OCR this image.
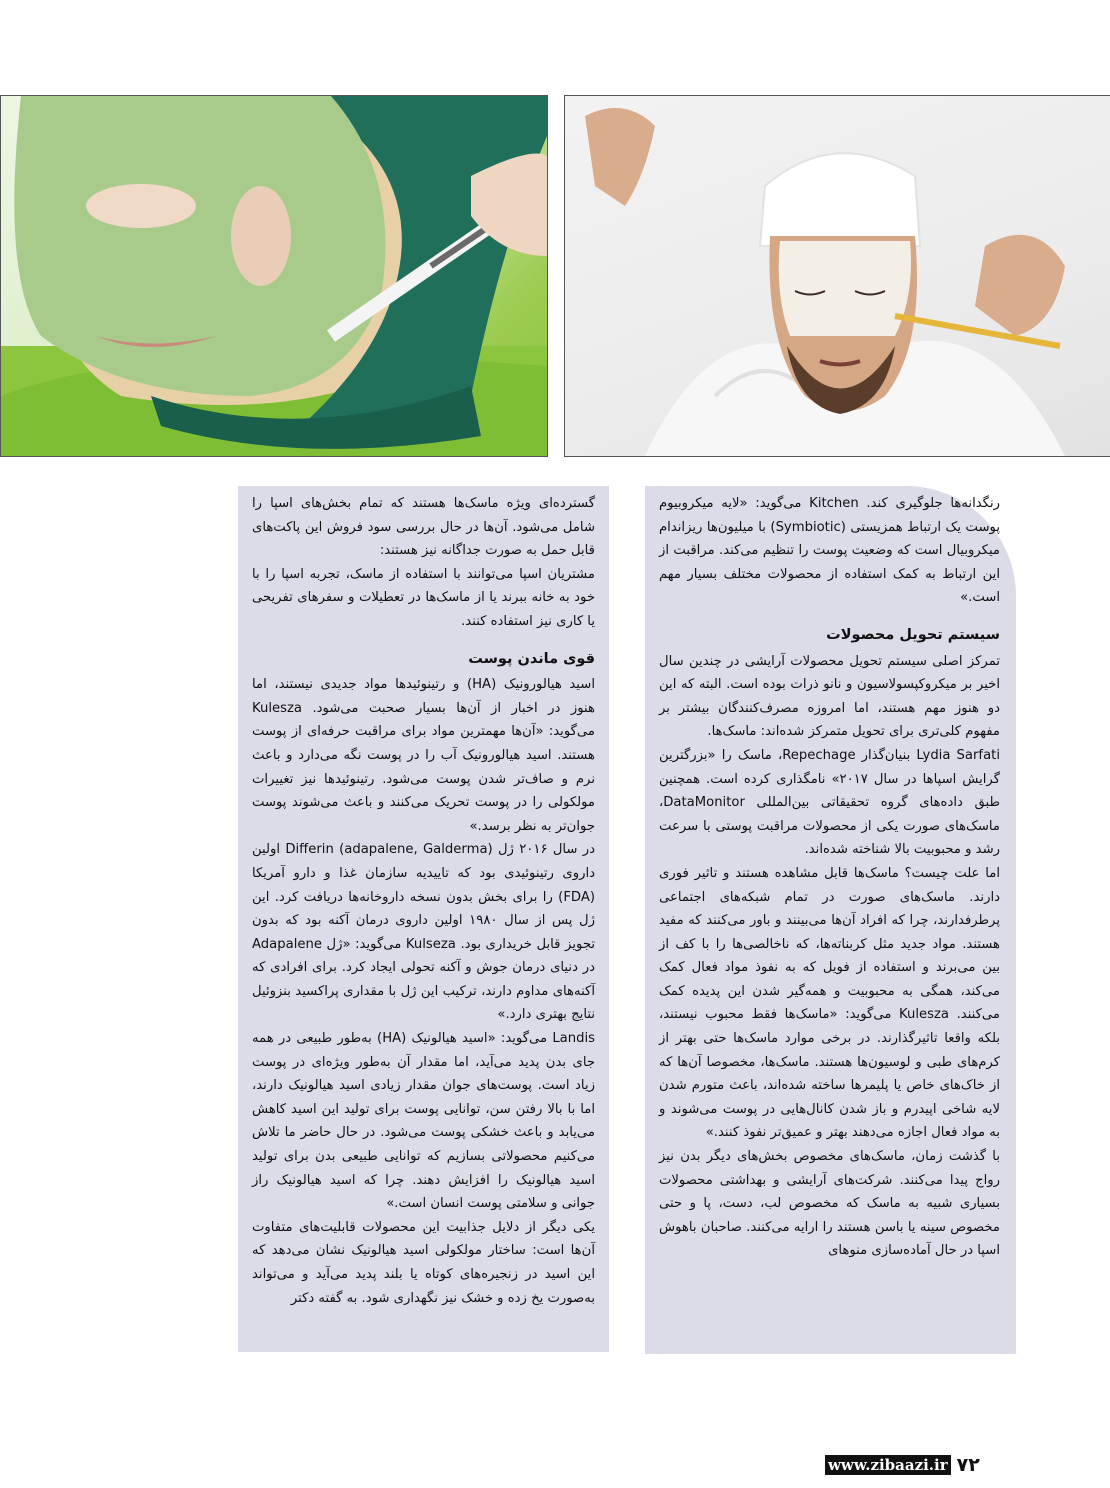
گسترده‌ای ویژه ماسک‌ها هستند که تمام بخش‌های اسپا را شامل می‌شود. آن‌ها در حال بررسی سود فروش این پاکت‌های قابل حمل به صورت جداگانه نیز هستند:

مشتریان اسپا می‌توانند با استفاده از ماسک، تجربه اسپا را با خود به خانه ببرند یا از ماسک‌ها در تعطیلات و سفرهای تفریحی یا کاری نیز استفاده کنند.

قوی ماندن پوست

اسید هیالورونیک (HA) و رتینوئیدها مواد جدیدی نیستند، اما هنوز در اخبار از آن‌ها بسیار صحبت می‌شود. Kulesza می‌گوید: «آن‌ها مهمترین مواد برای مراقبت حرفه‌ای از پوست هستند. اسید هیالورونیک آب را در پوست نگه می‌دارد و باعث نرم و صاف‌تر شدن پوست می‌شود. رتینوئیدها نیز تغییرات مولکولی را در پوست تحریک می‌کنند و باعث می‌شوند پوست جوان‌تر به نظر برسد.»

در سال ۲۰۱۶ ژل (Differin (adapalene, Galderma اولین داروی رتینوئیدی بود که تاییدیه سازمان غذا و دارو آمریکا (FDA) را برای بخش بدون نسخه داروخانه‌ها دریافت کرد. این ژل پس از سال ۱۹۸۰ اولین داروی درمان آکنه بود که بدون تجویز قابل خریداری بود. Kulseza می‌گوید: «ژل Adapalene در دنیای درمان جوش و آکنه تحولی ایجاد کرد. برای افرادی که آکنه‌های مداوم دارند، ترکیب این ژل با مقداری پراکسید بنزوئیل نتایج بهتری دارد.»

Landis می‌گوید: «اسید هیالونیک (HA) به‌طور طبیعی در همه جای بدن پدید می‌آید، اما مقدار آن به‌طور ویژه‌ای در پوست زیاد است. پوست‌های جوان مقدار زیادی اسید هیالونیک دارند، اما با بالا رفتن سن، توانایی پوست برای تولید این اسید کاهش می‌یابد و باعث خشکی پوست می‌شود. در حال حاضر ما تلاش می‌کنیم محصولاتی بسازیم که توانایی طبیعی بدن برای تولید اسید هیالونیک را افزایش دهند. چرا که اسید هیالونیک راز جوانی و سلامتی پوست انسان است.»

یکی دیگر از دلایل جذابیت این محصولات قابلیت‌های متفاوت آن‌ها است: ساختار مولکولی اسید هیالونیک نشان می‌دهد که این اسید در زنجیره‌های کوتاه یا بلند پدید می‌آید و می‌تواند به‌صورت یخ زده و خشک نیز نگهداری شود. به گفته دکتر

رنگدانه‌ها جلوگیری کند. Kitchen می‌گوید: «لایه میکروبیوم پوست یک ارتباط همزیستی (Symbiotic) با میلیون‌ها ریزاندام میکروبیال است که وضعیت پوست را تنظیم می‌کند. مراقبت از این ارتباط به کمک استفاده از محصولات مختلف بسیار مهم است.»

سیستم تحویل محصولات

تمرکز اصلی سیستم تحویل محصولات آرایشی در چندین سال اخیر بر میکروکپسولاسیون و نانو ذرات بوده است. البته که این دو هنوز مهم هستند، اما امروزه مصرف‌کنندگان بیشتر بر مفهوم کلی‌تری برای تحویل متمرکز شده‌اند: ماسک‌ها.

Lydia Sarfati بنیان‌گذار Repechage، ماسک را «بزرگترین گرایش اسپاها در سال ۲۰۱۷» نامگذاری کرده است. همچنین طبق داده‌های گروه تحقیقاتی بین‌المللی DataMonitor، ماسک‌های صورت یکی از محصولات مراقبت پوستی با سرعت رشد و محبوبیت بالا شناخته شده‌اند.

اما علت چیست؟ ماسک‌ها قابل مشاهده هستند و تاثیر فوری دارند. ماسک‌های صورت در تمام شبکه‌های اجتماعی پرطرفدارند، چرا که افراد آن‌ها می‌بینند و باور می‌کنند که مفید هستند. مواد جدید مثل کربناته‌ها، که ناخالصی‌ها را با کف از بین می‌برند و استفاده از فویل که به نفوذ مواد فعال کمک می‌کند، همگی به محبوبیت و همه‌گیر شدن این پدیده کمک می‌کنند. Kulesza می‌گوید: «ماسک‌ها فقط محبوب نیستند، بلکه واقعا تاثیرگذارند. در برخی موارد ماسک‌ها حتی بهتر از کرم‌های طبی و لوسیون‌ها هستند. ماسک‌ها، مخصوصا آن‌ها که از خاک‌های خاص یا پلیمرها ساخته شده‌اند، باعث متورم شدن لایه شاخی اپیدرم و باز شدن کانال‌هایی در پوست می‌شوند و به مواد فعال اجازه می‌دهند بهتر و عمیق‌تر نفوذ کنند.»

با گذشت زمان، ماسک‌های مخصوص بخش‌های دیگر بدن نیز رواج پیدا می‌کنند. شرکت‌های آرایشی و بهداشتی محصولات بسیاری شبیه به ماسک که مخصوص لب، دست، پا و حتی مخصوص سینه یا باسن هستند را ارایه می‌کنند. صاحبان باهوش اسپا در حال آماده‌سازی منوهای

www.zibaazi.ir ۷۲
